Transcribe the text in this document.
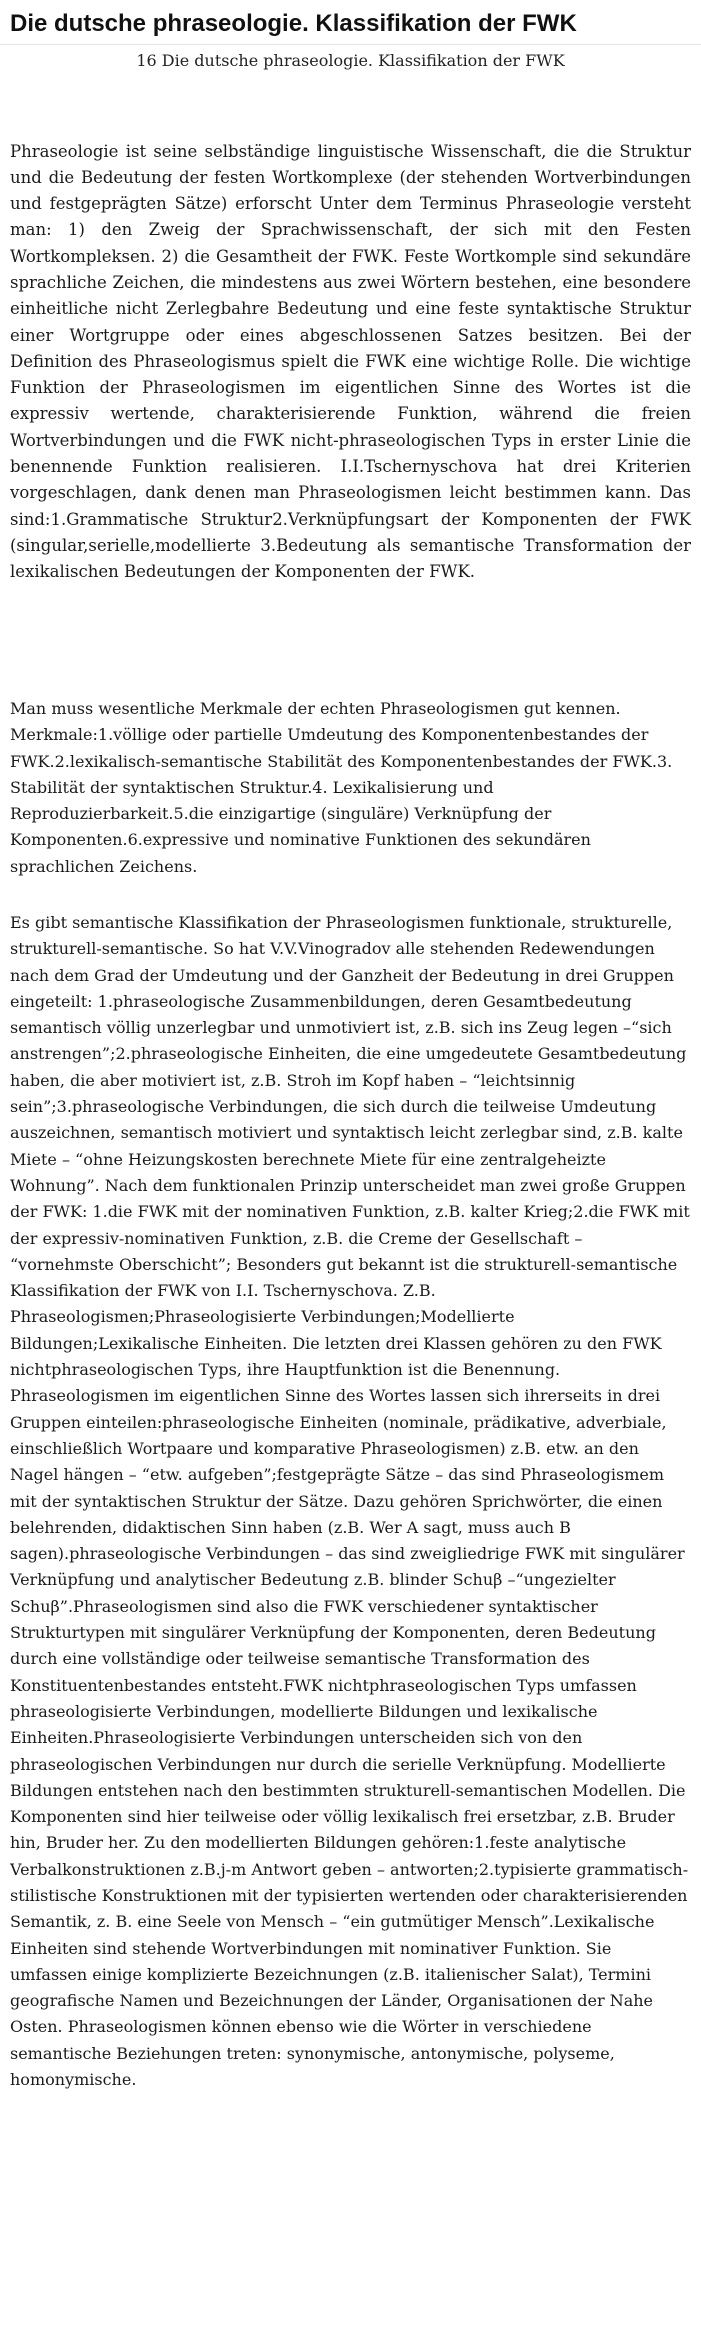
Die dutsche phraseologie. Klassifikation der FWK
16 Die dutsche phraseologie. Klassifikation der FWK

Phraseologie ist seine selbständige linguistische Wissenschaft, die die Struktur und die Bedeutung der festen Wortkomplexe (der stehenden Wortverbindungen und festgeprägten Sätze) erforscht Unter dem Terminus Phraseologie versteht man: 1) den Zweig der Sprachwissenschaft, der sich mit den Festen Wortkompleksen. 2) die Gesamtheit der FWK. Feste Wortkomple sind sekundäre sprachliche Zeichen, die mindestens aus zwei Wörtern bestehen, eine besondere einheitliche nicht Zerlegbahre Bedeutung und eine feste syntaktische Struktur einer Wortgruppe oder eines abgeschlossenen Satzes besitzen. Bei der Definition des Phraseologismus spielt die FWK eine wichtige Rolle. Die wichtige Funktion der Phraseologismen im eigentlichen Sinne des Wortes ist die expressiv wertende, charakterisierende Funktion, während die freien Wortverbindungen und die FWK nicht-phraseologischen Typs in erster Linie die benennende Funktion realisieren. I.I.Tschernyschova hat drei Kriterien vorgeschlagen, dank denen man Phraseologismen leicht bestimmen kann. Das sind:1.Grammatische Struktur2.Verknüpfungsart der Komponenten der FWK (singular,serielle,modellierte 3.Bedeutung als semantische Transformation der lexikalischen Bedeutungen der Komponenten der FWK.

Man muss wesentliche Merkmale der echten Phraseologismen gut kennen. Merkmale:1.völlige oder partielle Umdeutung des Komponentenbestandes der FWK.2.lexikalisch-semantische Stabilität des Komponentenbestandes der FWK.3. Stabilität der syntaktischen Struktur.4. Lexikalisierung und Reproduzierbarkeit.5.die einzigartige (singuläre) Verknüpfung der Komponenten.6.expressive und nominative Funktionen des sekundären sprachlichen Zeichens.

Es gibt semantische Klassifikation der Phraseologismen funktionale, strukturelle, strukturell-semantische. So hat V.V.Vinogradov alle stehenden Redewendungen nach dem Grad der Umdeutung und der Ganzheit der Bedeutung in drei Gruppen eingeteilt: 1.phraseologische Zusammenbildungen, deren Gesamtbedeutung semantisch völlig unzerlegbar und unmotiviert ist, z.B. sich ins Zeug legen –“sich anstrengen”;2.phraseologische Einheiten, die eine umgedeutete Gesamtbedeutung haben, die aber motiviert ist, z.B. Stroh im Kopf haben – “leichtsinnig sein”;3.phraseologische Verbindungen, die sich durch die teilweise Umdeutung auszeichnen, semantisch motiviert und syntaktisch leicht zerlegbar sind, z.B. kalte Miete – “ohne Heizungskosten berechnete Miete für eine zentralgeheizte Wohnung”. Nach dem funktionalen Prinzip unterscheidet man zwei große Gruppen der FWK: 1.die FWK mit der nominativen Funktion, z.B. kalter Krieg;2.die FWK mit der expressiv-nominativen Funktion, z.B. die Creme der Gesellschaft – “vornehmste Oberschicht”; Besonders gut bekannt ist die strukturell-semantische Klassifikation der FWK von I.I. Tschernyschova. Z.B. Phraseologismen;Phraseologisierte Verbindungen;Modellierte Bildungen;Lexikalische Einheiten. Die letzten drei Klassen gehören zu den FWK nichtphraseologischen Typs, ihre Hauptfunktion ist die Benennung. Phraseologismen im eigentlichen Sinne des Wortes lassen sich ihrerseits in drei Gruppen einteilen:phraseologische Einheiten (nominale, prädikative, adverbiale, einschließlich Wortpaare und komparative Phraseologismen) z.B. etw. an den Nagel hängen – “etw. aufgeben”;festgeprägte Sätze – das sind Phraseologismem mit der syntaktischen Struktur der Sätze. Dazu gehören Sprichwörter, die einen belehrenden, didaktischen Sinn haben (z.B. Wer A sagt, muss auch B sagen).phraseologische Verbindungen – das sind zweigliedrige FWK mit singulärer Verknüpfung und analytischer Bedeutung z.B. blinder Schuβ –“ungezielter Schuβ”.Phraseologismen sind also die FWK verschiedener syntaktischer Strukturtypen mit singulärer Verknüpfung der Komponenten, deren Bedeutung durch eine vollständige oder teilweise semantische Transformation des Konstituentenbestandes entsteht.FWK nichtphraseologischen Typs umfassen phraseologisierte Verbindungen, modellierte Bildungen und lexikalische Einheiten.Phraseologisierte Verbindungen unterscheiden sich von den phraseologischen Verbindungen nur durch die serielle Verknüpfung. Modellierte Bildungen entstehen nach den bestimmten strukturell-semantischen Modellen. Die Komponenten sind hier teilweise oder völlig lexikalisch frei ersetzbar, z.B. Bruder hin, Bruder her. Zu den modellierten Bildungen gehören:1.feste analytische Verbalkonstruktionen z.B.j-m Antwort geben – antworten;2.typisierte grammatisch-stilistische Konstruktionen mit der typisierten wertenden oder charakterisierenden Semantik, z. B. eine Seele von Mensch – “ein gutmütiger Mensch”.Lexikalische Einheiten sind stehende Wortverbindungen mit nominativer Funktion. Sie umfassen einige komplizierte Bezeichnungen (z.B. italienischer Salat), Termini geografische Namen und Bezeichnungen der Länder, Organisationen der Nahe Osten. Phraseologismen können ebenso wie die Wörter in verschiedene semantische Beziehungen treten: synonymische, antonymische, polyseme, homonymische.
